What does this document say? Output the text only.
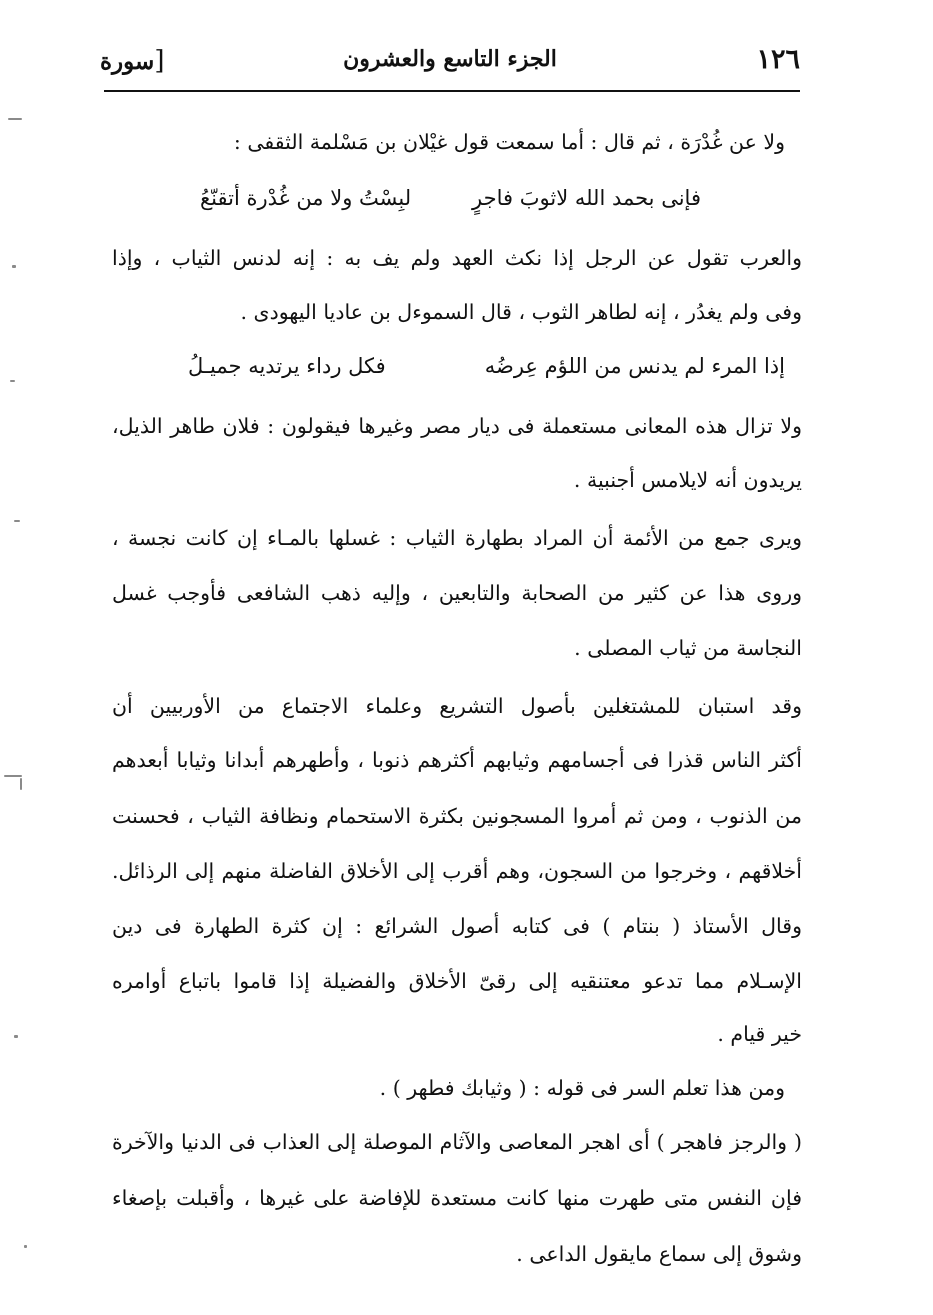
١٢٦
الجزء التاسع والعشرون
[سورة
ولا عن غُدْرَة ، ثم قال : أما سمعت قول غيْلان بن مَسْلمة الثقفى :
فإنى بحمد الله لاثوبَ فاجرٍ
لبِسْتُ ولا من غُدْرة أتقنّعُ
والعرب تقول عن الرجل إذا نكث العهد ولم يف به : إنه لدنس الثياب ، وإذا
وفى ولم يغدُر ، إنه لطاهر الثوب ، قال السموءل بن عاديا اليهودى .
إذا المرء لم يدنس من اللؤم عِرضُه
فكل رداء يرتديه جميـلُ
ولا تزال هذه المعانى مستعملة فى ديار مصر وغيرها فيقولون : فلان طاهر الذيل،
يريدون أنه لايلامس أجنبية .
ويرى جمع من الأئمة أن المراد بطهارة الثياب : غسلها بالمـاء إن كانت نجسة ،
وروى هذا عن كثير من الصحابة والتابعين ، وإليه ذهب الشافعى فأوجب غسل
النجاسة من ثياب المصلى .
وقد استبان للمشتغلين بأصول التشريع وعلماء الاجتماع من الأوربيين أن
أكثر الناس قذرا فى أجسامهم وثيابهم أكثرهم ذنوبا ، وأطهرهم أبدانا وثيابا أبعدهم
من الذنوب ، ومن ثم أمروا المسجونين بكثرة الاستحمام ونظافة الثياب ، فحسنت
أخلاقهم ، وخرجوا من السجون، وهم أقرب إلى الأخلاق الفاضلة منهم إلى الرذائل.
وقال الأستاذ ( بنتام ) فى كتابه أصول الشرائع : إن كثرة الطهارة فى دين
الإسـلام مما تدعو معتنقيه إلى رقىّ الأخلاق والفضيلة إذا قاموا باتباع أوامره
خير قيام .
ومن هذا تعلم السر فى قوله : ( وثيابك فطهر ) .
( والرجز فاهجر ) أى اهجر المعاصى والآثام الموصلة إلى العذاب فى الدنيا والآخرة
فإن النفس متى طهرت منها كانت مستعدة للإفاضة على غيرها ، وأقبلت بإصغاء
وشوق إلى سماع مايقول الداعى .
